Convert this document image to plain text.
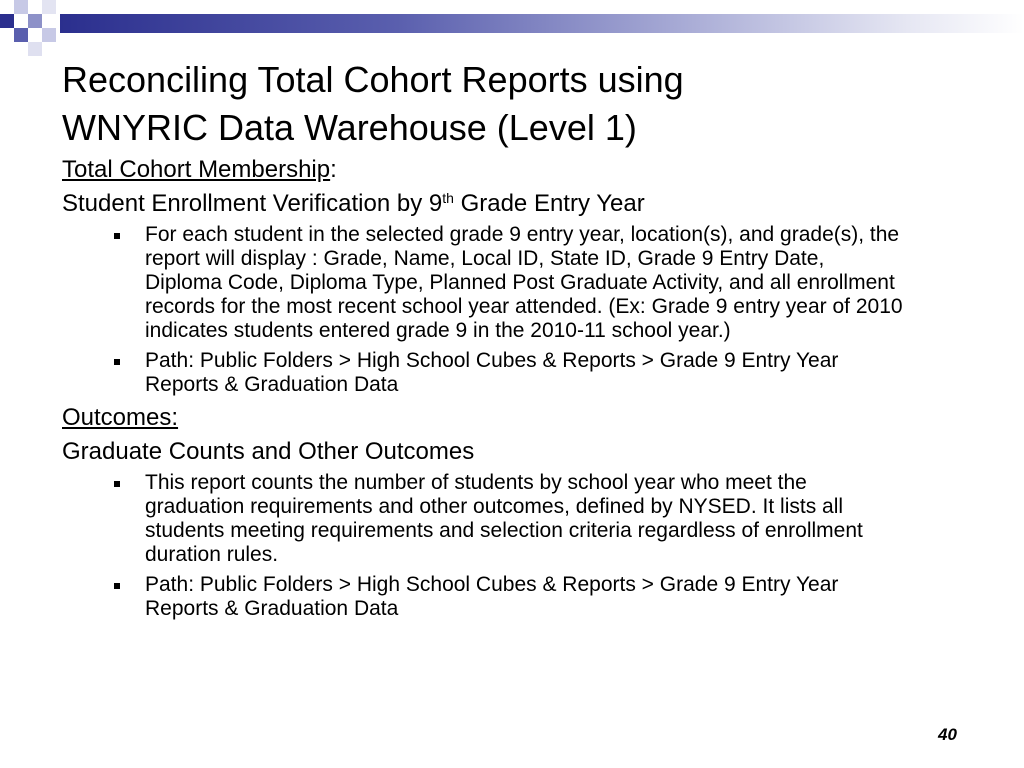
Reconciling Total Cohort Reports using
WNYRIC Data Warehouse (Level 1)

Total Cohort Membership:

Student Enrollment Verification by 9th Grade Entry Year

For each student in the selected grade 9 entry year, location(s), and grade(s), the report will display : Grade, Name, Local ID, State ID, Grade 9 Entry Date, Diploma Code, Diploma Type, Planned Post Graduate Activity, and all enrollment records for the most recent school year attended. (Ex: Grade 9 entry year of 2010 indicates students entered grade 9 in the 2010-11 school year.)
Path: Public Folders > High School Cubes & Reports > Grade 9 Entry Year Reports & Graduation Data

Outcomes:

Graduate Counts and Other Outcomes

This report counts the number of students by school year who meet the graduation requirements and other outcomes, defined by NYSED. It lists all students meeting requirements and selection criteria regardless of enrollment duration rules.
Path: Public Folders > High School Cubes & Reports > Grade 9 Entry Year Reports & Graduation Data
40
